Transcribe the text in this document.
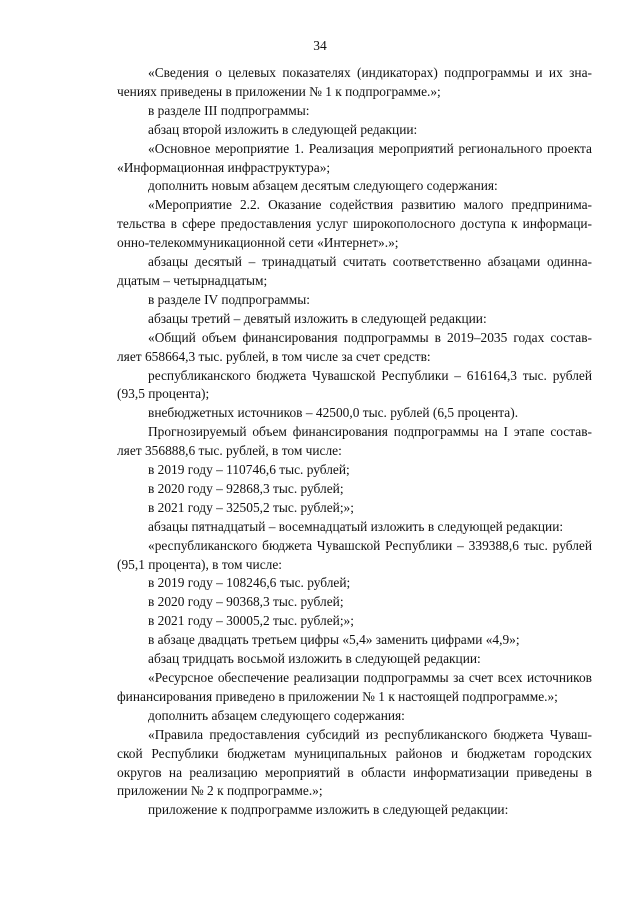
34

«Сведения о целевых показателях (индикаторах) подпрограммы и их значениях приведены в приложении № 1 к подпрограмме.»;

в разделе III подпрограммы:

абзац второй изложить в следующей редакции:

«Основное мероприятие 1. Реализация мероприятий регионального проекта «Информационная инфраструктура»;

дополнить новым абзацем десятым следующего содержания:

«Мероприятие 2.2. Оказание содействия развитию малого предпринимательства в сфере предоставления услуг широкополосного доступа к информационно-телекоммуникационной сети «Интернет».»;

абзацы десятый – тринадцатый считать соответственно абзацами одиннадцатым – четырнадцатым;

в разделе IV подпрограммы:

абзацы третий – девятый изложить в следующей редакции:

«Общий объем финансирования подпрограммы в 2019–2035 годах составляет 658664,3 тыс. рублей, в том числе за счет средств:

республиканского бюджета Чувашской Республики – 616164,3 тыс. рублей (93,5 процента);

внебюджетных источников – 42500,0 тыс. рублей (6,5 процента).

Прогнозируемый объем финансирования подпрограммы на I этапе составляет 356888,6 тыс. рублей, в том числе:

в 2019 году – 110746,6 тыс. рублей;

в 2020 году – 92868,3 тыс. рублей;

в 2021 году – 32505,2 тыс. рублей;»;

абзацы пятнадцатый – восемнадцатый изложить в следующей редакции:

«республиканского бюджета Чувашской Республики – 339388,6 тыс. рублей (95,1 процента), в том числе:

в 2019 году – 108246,6 тыс. рублей;

в 2020 году – 90368,3 тыс. рублей;

в 2021 году – 30005,2 тыс. рублей;»;

в абзаце двадцать третьем цифры «5,4» заменить цифрами «4,9»;

абзац тридцать восьмой изложить в следующей редакции:

«Ресурсное обеспечение реализации подпрограммы за счет всех источников финансирования приведено в приложении № 1 к настоящей подпрограмме.»;

дополнить абзацем следующего содержания:

«Правила предоставления субсидий из республиканского бюджета Чувашской Республики бюджетам муниципальных районов и бюджетам городских округов на реализацию мероприятий в области информатизации приведены в приложении № 2 к подпрограмме.»;

приложение к подпрограмме изложить в следующей редакции:
